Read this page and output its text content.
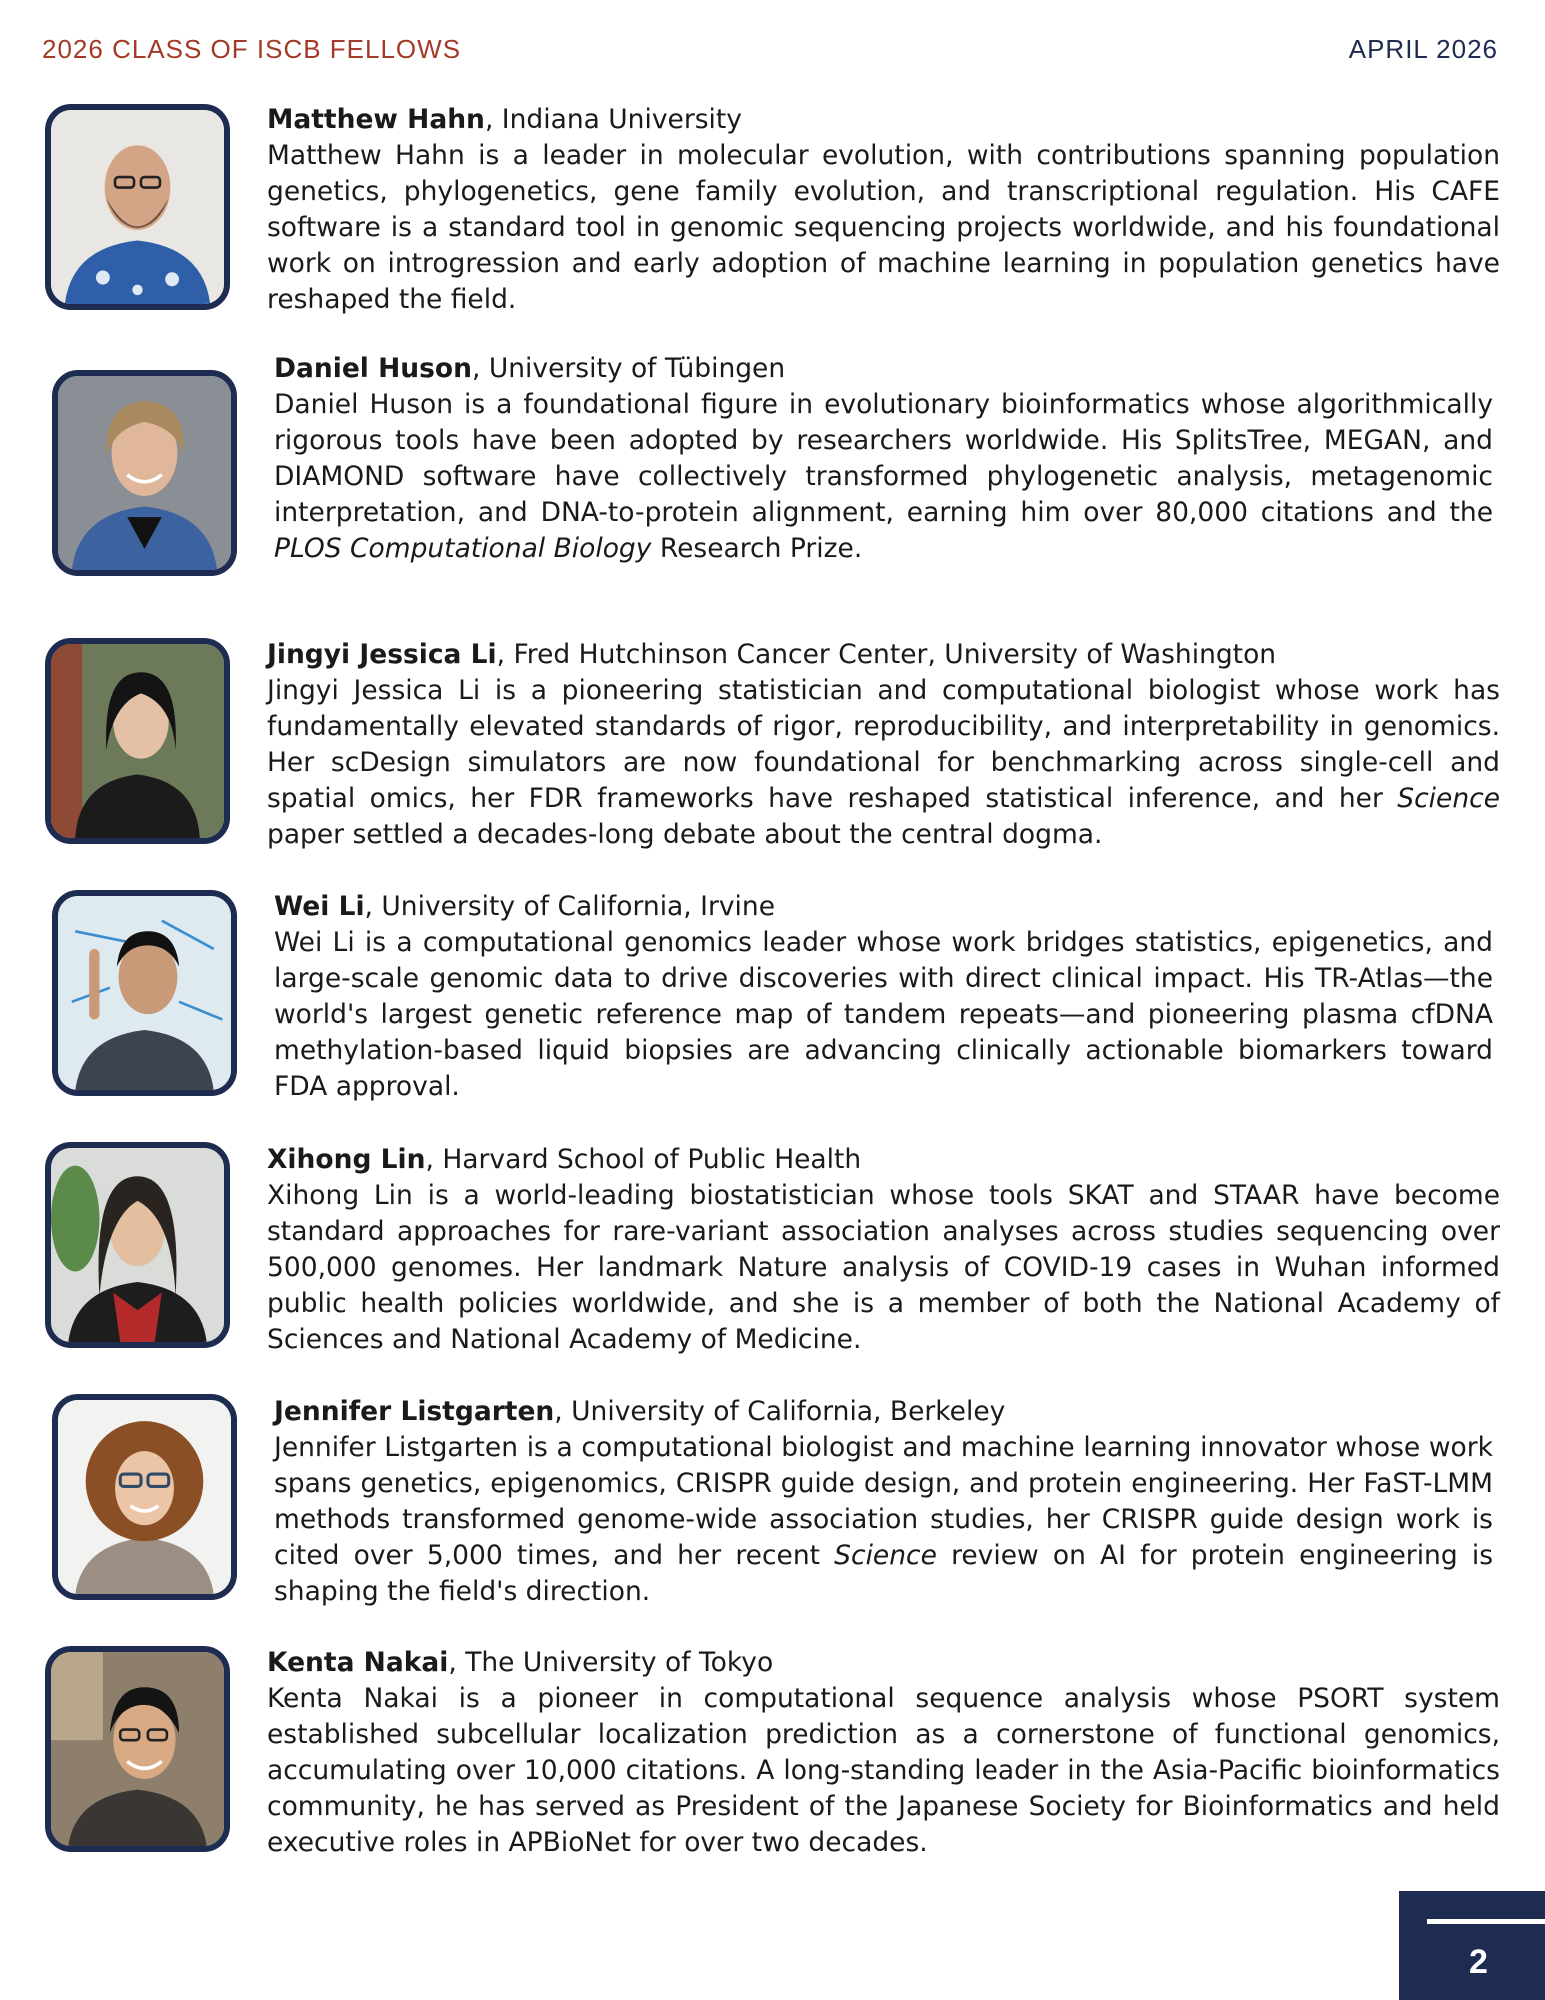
2026 CLASS OF ISCB FELLOWS	APRIL 2026
Matthew Hahn, Indiana University
Matthew Hahn is a leader in molecular evolution, with contributions spanning population genetics, phylogenetics, gene family evolution, and transcriptional regulation. His CAFE software is a standard tool in genomic sequencing projects worldwide, and his foundational work on introgression and early adoption of machine learning in population genetics have reshaped the field.
Daniel Huson, University of Tübingen
Daniel Huson is a foundational figure in evolutionary bioinformatics whose algorithmically rigorous tools have been adopted by researchers worldwide. His SplitsTree, MEGAN, and DIAMOND software have collectively transformed phylogenetic analysis, metagenomic interpretation, and DNA-to-protein alignment, earning him over 80,000 citations and the PLOS Computational Biology Research Prize.
Jingyi Jessica Li, Fred Hutchinson Cancer Center, University of Washington
Jingyi Jessica Li is a pioneering statistician and computational biologist whose work has fundamentally elevated standards of rigor, reproducibility, and interpretability in genomics. Her scDesign simulators are now foundational for benchmarking across single-cell and spatial omics, her FDR frameworks have reshaped statistical inference, and her Science paper settled a decades-long debate about the central dogma.
Wei Li, University of California, Irvine
Wei Li is a computational genomics leader whose work bridges statistics, epigenetics, and large-scale genomic data to drive discoveries with direct clinical impact. His TR-Atlas—the world's largest genetic reference map of tandem repeats—and pioneering plasma cfDNA methylation-based liquid biopsies are advancing clinically actionable biomarkers toward FDA approval.
Xihong Lin, Harvard School of Public Health
Xihong Lin is a world-leading biostatistician whose tools SKAT and STAAR have become standard approaches for rare-variant association analyses across studies sequencing over 500,000 genomes. Her landmark Nature analysis of COVID-19 cases in Wuhan informed public health policies worldwide, and she is a member of both the National Academy of Sciences and National Academy of Medicine.
Jennifer Listgarten, University of California, Berkeley
Jennifer Listgarten is a computational biologist and machine learning innovator whose work spans genetics, epigenomics, CRISPR guide design, and protein engineering. Her FaST-LMM methods transformed genome-wide association studies, her CRISPR guide design work is cited over 5,000 times, and her recent Science review on AI for protein engineering is shaping the field's direction.
Kenta Nakai, The University of Tokyo
Kenta Nakai is a pioneer in computational sequence analysis whose PSORT system established subcellular localization prediction as a cornerstone of functional genomics, accumulating over 10,000 citations. A long-standing leader in the Asia-Pacific bioinformatics community, he has served as President of the Japanese Society for Bioinformatics and held executive roles in APBioNet for over two decades.
2
